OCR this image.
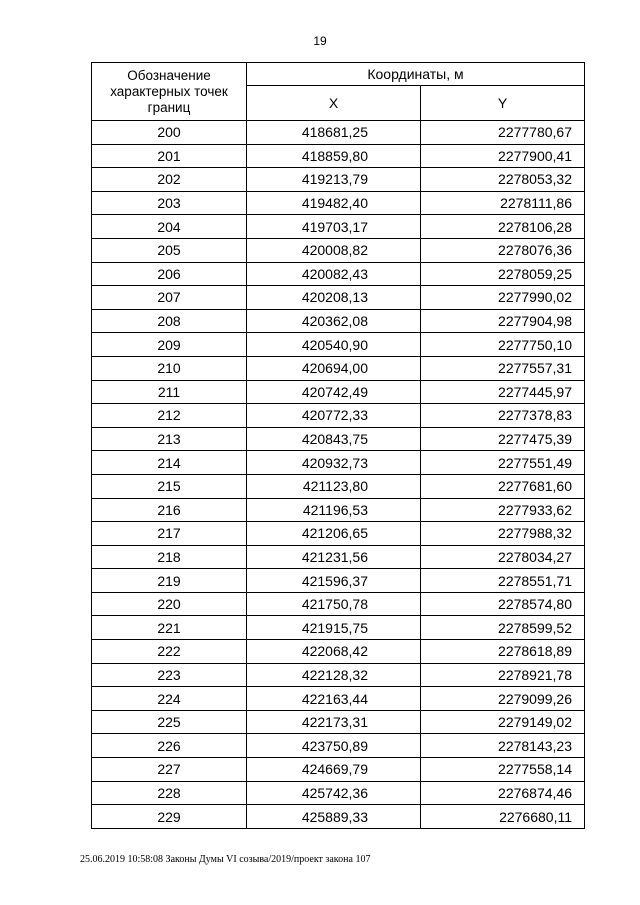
19
Обозначение характерных точек границ	Координаты, м	
	X	Y
200	418681,25	2277780,67
201	418859,80	2277900,41
202	419213,79	2278053,32
203	419482,40	2278111,86
204	419703,17	2278106,28
205	420008,82	2278076,36
206	420082,43	2278059,25
207	420208,13	2277990,02
208	420362,08	2277904,98
209	420540,90	2277750,10
210	420694,00	2277557,31
211	420742,49	2277445,97
212	420772,33	2277378,83
213	420843,75	2277475,39
214	420932,73	2277551,49
215	421123,80	2277681,60
216	421196,53	2277933,62
217	421206,65	2277988,32
218	421231,56	2278034,27
219	421596,37	2278551,71
220	421750,78	2278574,80
221	421915,75	2278599,52
222	422068,42	2278618,89
223	422128,32	2278921,78
224	422163,44	2279099,26
225	422173,31	2279149,02
226	423750,89	2278143,23
227	424669,79	2277558,14
228	425742,36	2276874,46
229	425889,33	2276680,11
25.06.2019 10:58:08 Законы Думы VI созыва/2019/проект закона 107
